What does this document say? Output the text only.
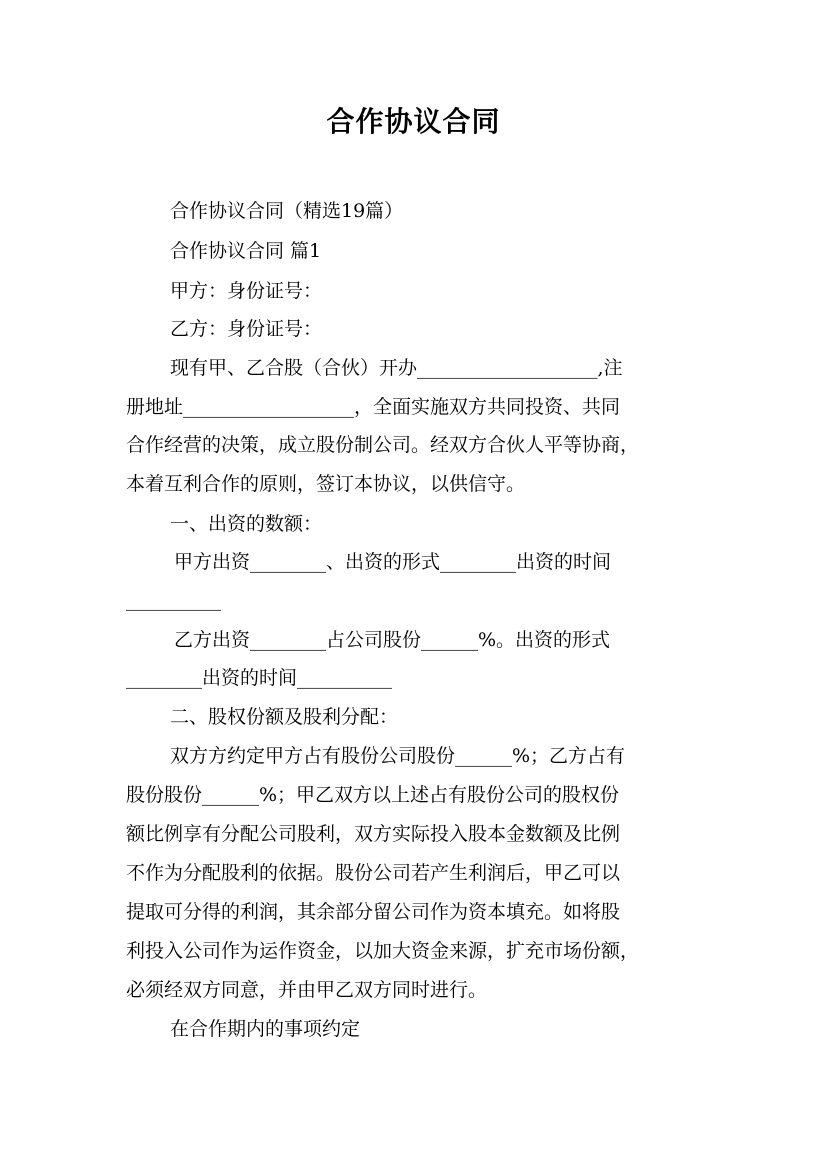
合作协议合同
合作协议合同（精选19篇）
合作协议合同 篇1
甲方：身份证号：
乙方：身份证号：
现有甲、乙合股（合伙）开办___________________,注
册地址__________________，全面实施双方共同投资、共同
合作经营的决策，成立股份制公司。经双方合伙人平等协商，
本着互利合作的原则，签订本协议，以供信守。
一、出资的数额：
甲方出资________、出资的形式________出资的时间
__________
乙方出资________占公司股份______%。出资的形式
________出资的时间__________
二、股权份额及股利分配：
双方方约定甲方占有股份公司股份______%；乙方占有
股份股份______%；甲乙双方以上述占有股份公司的股权份
额比例享有分配公司股利，双方实际投入股本金数额及比例
不作为分配股利的依据。股份公司若产生利润后，甲乙可以
提取可分得的利润，其余部分留公司作为资本填充。如将股
利投入公司作为运作资金，以加大资金来源，扩充市场份额，
必须经双方同意，并由甲乙双方同时进行。
在合作期内的事项约定
